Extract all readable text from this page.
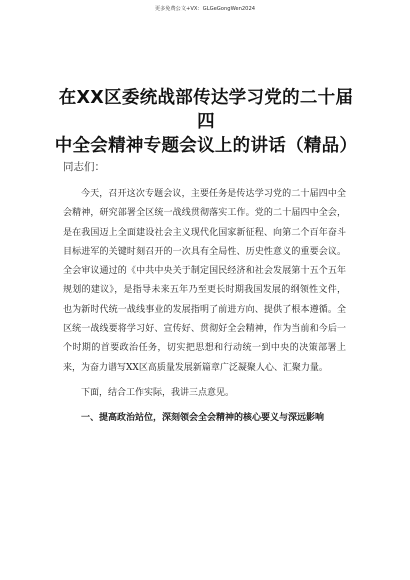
更多免费公文+VX：GLGeGongWen2024
在XX区委统战部传达学习党的二十届四
中全会精神专题会议上的讲话（精品）
同志们：

今天，召开这次专题会议，主要任务是传达学习党的二十届四中全会精神，研究部署全区统一战线贯彻落实工作。党的二十届四中全会，是在我国迈上全面建设社会主义现代化国家新征程、向第二个百年奋斗目标进军的关键时刻召开的一次具有全局性、历史性意义的重要会议。全会审议通过的《中共中央关于制定国民经济和社会发展第十五个五年规划的建议》，是指导未来五年乃至更长时期我国发展的纲领性文件，也为新时代统一战线事业的发展指明了前进方向、提供了根本遵循。全区统一战线要将学习好、宣传好、贯彻好全会精神，作为当前和今后一个时期的首要政治任务，切实把思想和行动统一到中央的决策部署上来，为奋力谱写XX区高质量发展新篇章广泛凝聚人心、汇聚力量。

下面，结合工作实际，我讲三点意见。

一、提高政治站位，深刻领会全会精神的核心要义与深远影响
